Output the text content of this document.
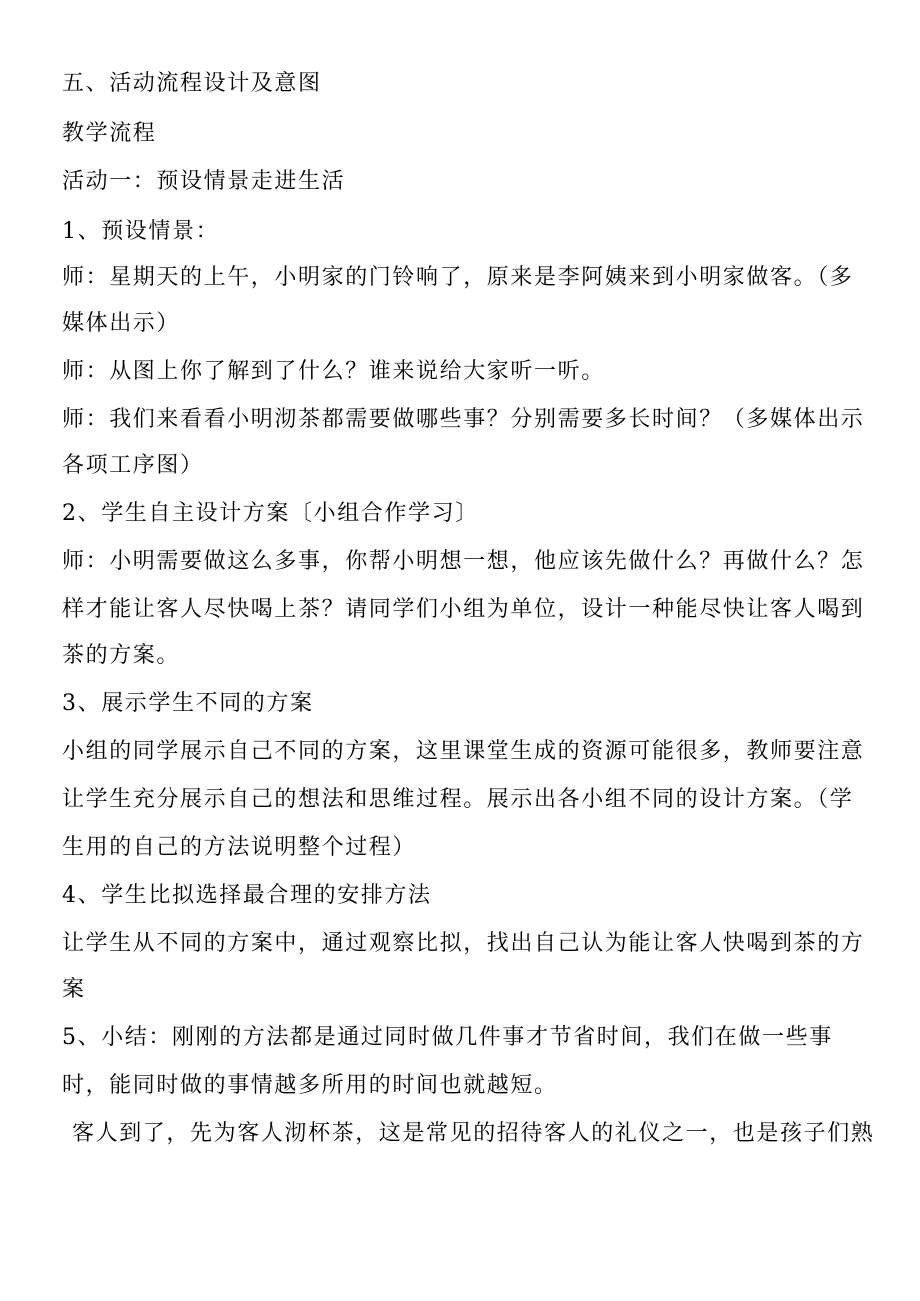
五、活动流程设计及意图

教学流程

活动一：预设情景走进生活

1、预设情景：

师：星期天的上午，小明家的门铃响了，原来是李阿姨来到小明家做客。（多

媒体出示）

师：从图上你了解到了什么？谁来说给大家听一听。

师：我们来看看小明沏茶都需要做哪些事？分别需要多长时间？（多媒体出示

各项工序图）

2、学生自主设计方案〔小组合作学习〕

师：小明需要做这么多事，你帮小明想一想，他应该先做什么？再做什么？怎

样才能让客人尽快喝上茶？请同学们小组为单位，设计一种能尽快让客人喝到

茶的方案。

3、展示学生不同的方案

小组的同学展示自己不同的方案，这里课堂生成的资源可能很多，教师要注意

让学生充分展示自己的想法和思维过程。展示出各小组不同的设计方案。（学

生用的自己的方法说明整个过程）

4、学生比拟选择最合理的安排方法

让学生从不同的方案中，通过观察比拟，找出自己认为能让客人快喝到茶的方

案

5、小结：刚刚的方法都是通过同时做几件事才节省时间，我们在做一些事

时，能同时做的事情越多所用的时间也就越短。

客人到了，先为客人沏杯茶，这是常见的招待客人的礼仪之一，也是孩子们熟
